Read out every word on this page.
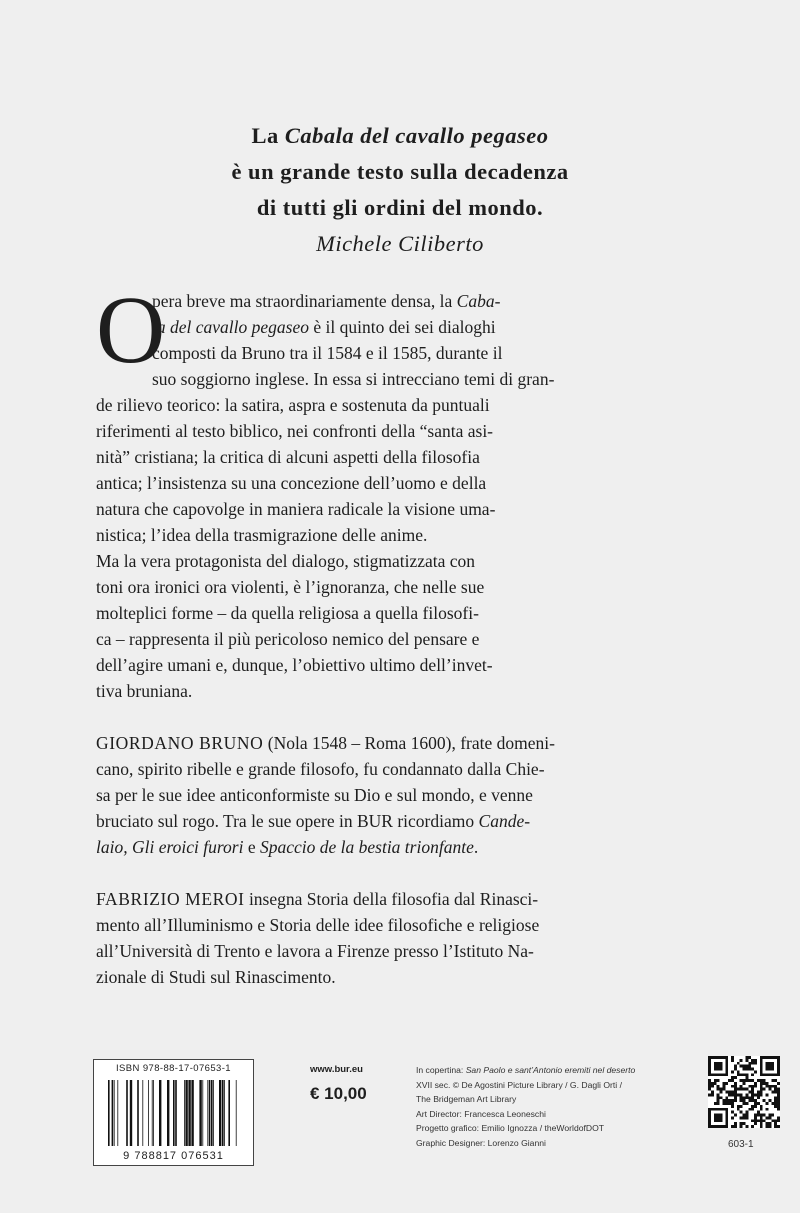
La Cabala del cavallo pegaseo
è un grande testo sulla decadenza
di tutti gli ordini del mondo.
Michele Ciliberto
O
pera breve ma straordinariamente densa, la Caba-
la del cavallo pegaseo è il quinto dei sei dialoghi
composti da Bruno tra il 1584 e il 1585, durante il
suo soggiorno inglese. In essa si intrecciano temi di gran-
de rilievo teorico: la satira, aspra e sostenuta da puntuali
riferimenti al testo biblico, nei confronti della “santa asi-
nità” cristiana; la critica di alcuni aspetti della filosofia
antica; l’insistenza su una concezione dell’uomo e della
natura che capovolge in maniera radicale la visione uma-
nistica; l’idea della trasmigrazione delle anime.
Ma la vera protagonista del dialogo, stigmatizzata con
toni ora ironici ora violenti, è l’ignoranza, che nelle sue
molteplici forme – da quella religiosa a quella filosofi-
ca – rappresenta il più pericoloso nemico del pensare e
dell’agire umani e, dunque, l’obiettivo ultimo dell’invet-
tiva bruniana.
GIORDANO BRUNO (Nola 1548 – Roma 1600), frate domeni-
cano, spirito ribelle e grande filosofo, fu condannato dalla Chie-
sa per le sue idee anticonformiste su Dio e sul mondo, e venne
bruciato sul rogo. Tra le sue opere in BUR ricordiamo Cande-
laio, Gli eroici furori e Spaccio de la bestia trionfante.
FABRIZIO MEROI insegna Storia della filosofia dal Rinasci-
mento all’Illuminismo e Storia delle idee filosofiche e religiose
all’Università di Trento e lavora a Firenze presso l’Istituto Na-
zionale di Studi sul Rinascimento.
ISBN 978-88-17-07653-1
9 788817 076531
www.bur.eu
€ 10,00
In copertina: San Paolo e sant’Antonio eremiti nel deserto
XVII sec. © De Agostini Picture Library / G. Dagli Orti /
The Bridgeman Art Library
Art Director: Francesca Leoneschi
Progetto grafico: Emilio Ignozza / theWorldofDOT
Graphic Designer: Lorenzo Gianni	603-1
